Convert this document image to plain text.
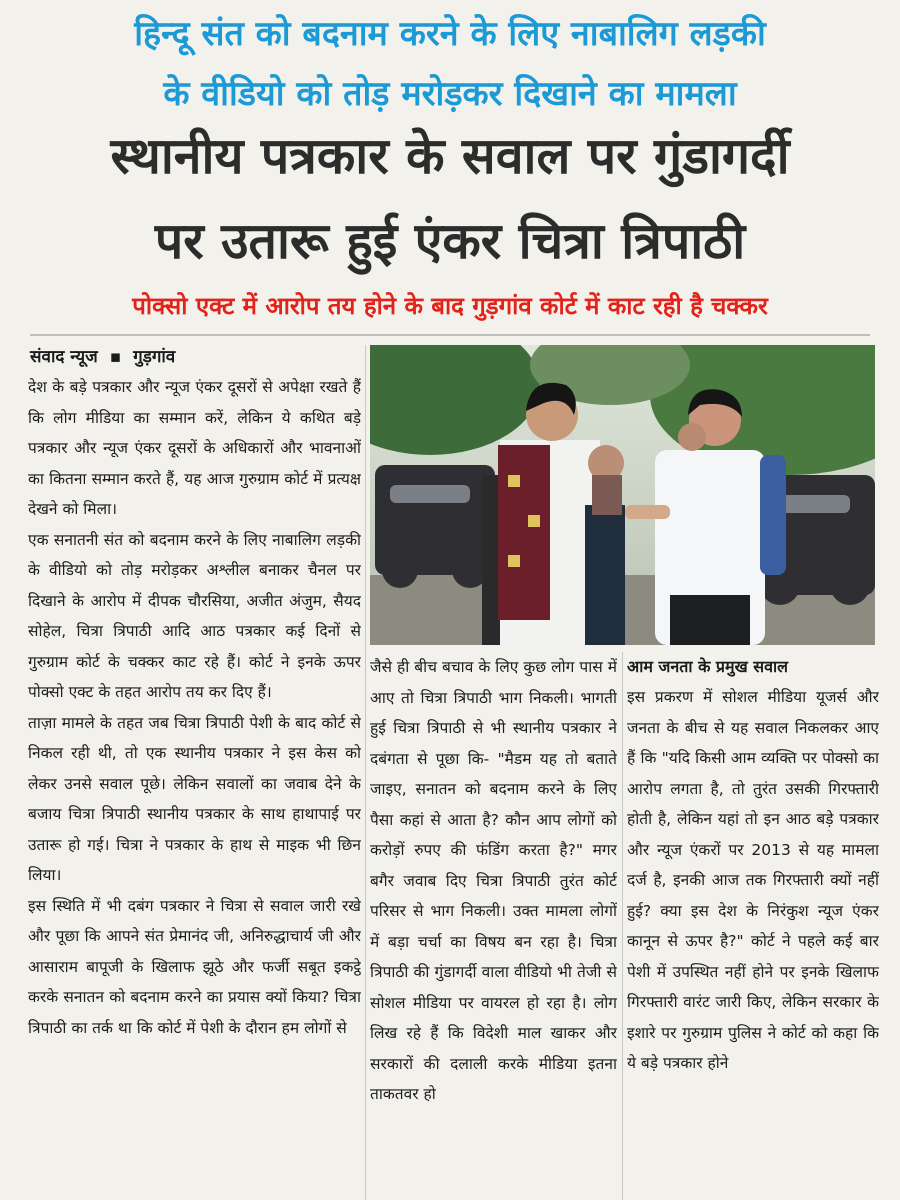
हिन्दू संत को बदनाम करने के लिए नाबालिग लड़की
के वीडियो को तोड़ मरोड़कर दिखाने का मामला
स्थानीय पत्रकार के सवाल पर गुंडागर्दी
पर उतारू हुई एंकर चित्रा त्रिपाठी
पोक्सो एक्ट में आरोप तय होने के बाद गुड़गांव कोर्ट में काट रही है चक्कर
संवाद न्यूज ▪ गुड़गांव

देश के बड़े पत्रकार और न्यूज एंकर दूसरों से अपेक्षा रखते हैं कि लोग मीडिया का सम्मान करें, लेकिन ये कथित बड़े पत्रकार और न्यूज एंकर दूसरों के अधिकारों और भावनाओं का कितना सम्मान करते हैं, यह आज गुरुग्राम कोर्ट में प्रत्यक्ष देखने को मिला।

एक सनातनी संत को बदनाम करने के लिए नाबालिग लड़की के वीडियो को तोड़ मरोड़कर अश्लील बनाकर चैनल पर दिखाने के आरोप में दीपक चौरसिया, अजीत अंजुम, सैयद सोहेल, चित्रा त्रिपाठी आदि आठ पत्रकार कई दिनों से गुरुग्राम कोर्ट के चक्कर काट रहे हैं। कोर्ट ने इनके ऊपर पोक्सो एक्ट के तहत आरोप तय कर दिए हैं।

ताज़ा मामले के तहत जब चित्रा त्रिपाठी पेशी के बाद कोर्ट से निकल रही थी, तो एक स्थानीय पत्रकार ने इस केस को लेकर उनसे सवाल पूछे। लेकिन सवालों का जवाब देने के बजाय चित्रा त्रिपाठी स्थानीय पत्रकार के साथ हाथापाई पर उतारू हो गई। चित्रा ने पत्रकार के हाथ से माइक भी छिन लिया।

इस स्थिति में भी दबंग पत्रकार ने चित्रा से सवाल जारी रखे और पूछा कि आपने संत प्रेमानंद जी, अनिरुद्धाचार्य जी और आसाराम बापूजी के खिलाफ झूठे और फर्जी सबूत इकट्ठे करके सनातन को बदनाम करने का प्रयास क्यों किया? चित्रा त्रिपाठी का तर्क था कि कोर्ट में पेशी के दौरान हम लोगों से

जैसे ही बीच बचाव के लिए कुछ लोग पास में आए तो चित्रा त्रिपाठी भाग निकली। भागती हुई चित्रा त्रिपाठी से भी स्थानीय पत्रकार ने दबंगता से पूछा कि- "मैडम यह तो बताते जाइए, सनातन को बदनाम करने के लिए पैसा कहां से आता है? कौन आप लोगों को करोड़ों रुपए की फंडिंग करता है?" मगर बगैर जवाब दिए चित्रा त्रिपाठी तुरंत कोर्ट परिसर से भाग निकली। उक्त मामला लोगों में बड़ा चर्चा का विषय बन रहा है। चित्रा त्रिपाठी की गुंडागर्दी वाला वीडियो भी तेजी से सोशल मीडिया पर वायरल हो रहा है। लोग लिख रहे हैं कि विदेशी माल खाकर और सरकारों की दलाली करके मीडिया इतना ताकतवर हो

आम जनता के प्रमुख सवाल

इस प्रकरण में सोशल मीडिया यूजर्स और जनता के बीच से यह सवाल निकलकर आए हैं कि "यदि किसी आम व्यक्ति पर पोक्सो का आरोप लगता है, तो तुरंत उसकी गिरफ्तारी होती है, लेकिन यहां तो इन आठ बड़े पत्रकार और न्यूज एंकरों पर 2013 से यह मामला दर्ज है, इनकी आज तक गिरफ्तारी क्यों नहीं हुई? क्या इस देश के निरंकुश न्यूज एंकर कानून से ऊपर है?" कोर्ट ने पहले कई बार पेशी में उपस्थित नहीं होने पर इनके खिलाफ गिरफ्तारी वारंट जारी किए, लेकिन सरकार के इशारे पर गुरुग्राम पुलिस ने कोर्ट को कहा कि ये बड़े पत्रकार होने
